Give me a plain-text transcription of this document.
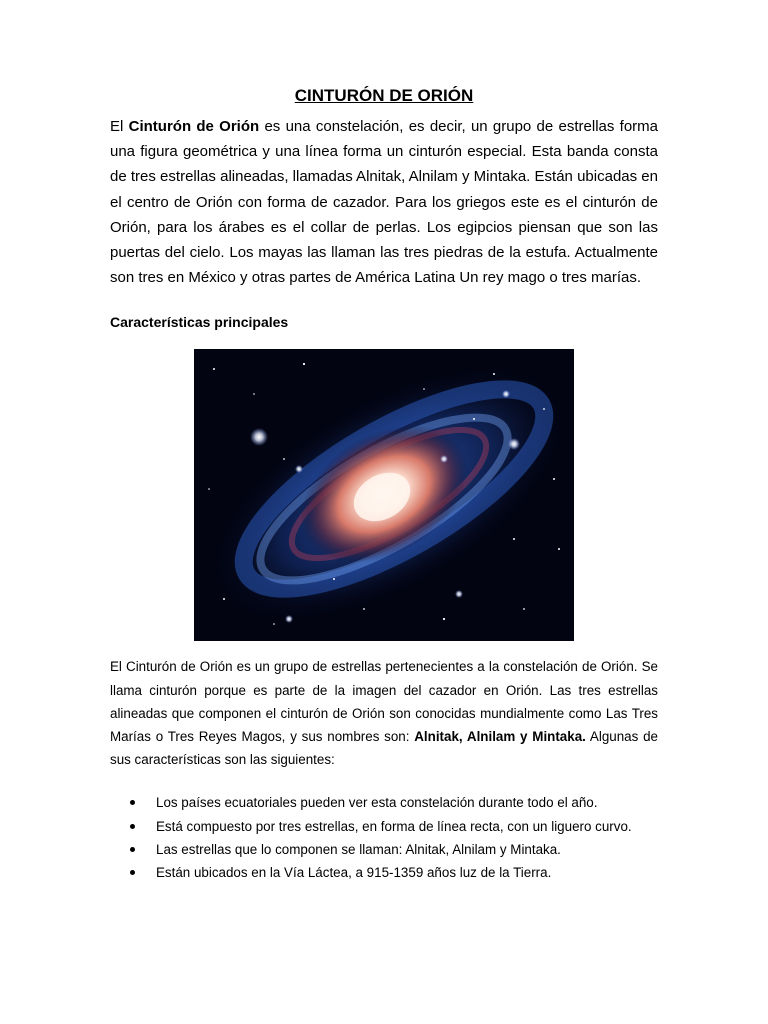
CINTURÓN DE ORIÓN

El Cinturón de Orión es una constelación, es decir, un grupo de estrellas forma una figura geométrica y una línea forma un cinturón especial. Esta banda consta de tres estrellas alineadas, llamadas Alnitak, Alnilam y Mintaka. Están ubicadas en el centro de Orión con forma de cazador. Para los griegos este es el cinturón de Orión, para los árabes es el collar de perlas. Los egipcios piensan que son las puertas del cielo. Los mayas las llaman las tres piedras de la estufa. Actualmente son tres en México y otras partes de América Latina Un rey mago o tres marías.

Características principales

El Cinturón de Orión es un grupo de estrellas pertenecientes a la constelación de Orión. Se llama cinturón porque es parte de la imagen del cazador en Orión. Las tres estrellas alineadas que componen el cinturón de Orión son conocidas mundialmente como Las Tres Marías o Tres Reyes Magos, y sus nombres son: Alnitak, Alnilam y Mintaka. Algunas de sus características son las siguientes:

Los países ecuatoriales pueden ver esta constelación durante todo el año.
Está compuesto por tres estrellas, en forma de línea recta, con un liguero curvo.
Las estrellas que lo componen se llaman: Alnitak, Alnilam y Mintaka.
Están ubicados en la Vía Láctea, a 915-1359 años luz de la Tierra.
